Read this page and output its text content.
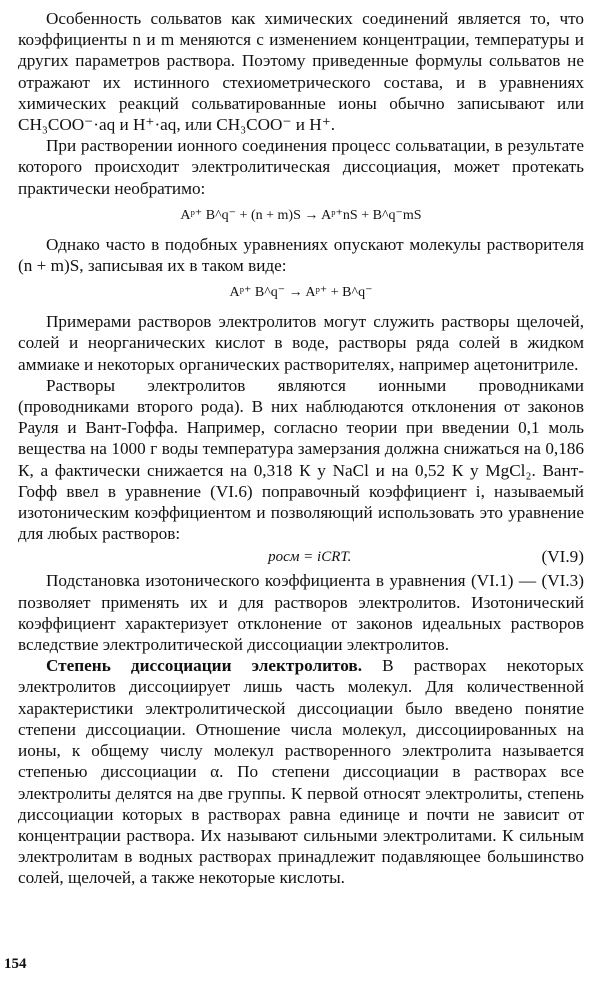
Особенность сольватов как химических соединений является то, что коэффициенты n и m меняются с изменением концентрации, температуры и других параметров раствора. Поэтому приведенные формулы сольватов не отражают их истинного стехиометрического состава, и в уравнениях химических реакций сольватированные ионы обычно записывают или CH₃COO⁻·aq и H⁺·aq, или CH₃COO⁻ и H⁺.

При растворении ионного соединения процесс сольватации, в результате которого происходит электролитическая диссоциация, может протекать практически необратимо:

Aᵖ⁺ B^q⁻ + (n + m)S → Aᵖ⁺nS + B^q⁻mS

Однако часто в подобных уравнениях опускают молекулы растворителя (n + m)S, записывая их в таком виде:

Aᵖ⁺ B^q⁻ → Aᵖ⁺ + B^q⁻

Примерами растворов электролитов могут служить растворы щелочей, солей и неорганических кислот в воде, растворы ряда солей в жидком аммиаке и некоторых органических растворителях, например ацетонитриле.

Растворы электролитов являются ионными проводниками (проводниками второго рода). В них наблюдаются отклонения от законов Рауля и Вант-Гоффа. Например, согласно теории при введении 0,1 моль вещества на 1000 г воды температура замерзания должна снижаться на 0,186 К, а фактически снижается на 0,318 К у NaCl и на 0,52 К у MgCl₂. Вант-Гофф ввел в уравнение (VI.6) поправочный коэффициент i, называемый изотоническим коэффициентом и позволяющий использовать это уравнение для любых растворов:

pосм = iCRT.	(VI.9)

Подстановка изотонического коэффициента в уравнения (VI.1) — (VI.3) позволяет применять их и для растворов электролитов. Изотонический коэффициент характеризует отклонение от законов идеальных растворов вследствие электролитической диссоциации электролитов.

Степень диссоциации электролитов. В растворах некоторых электролитов диссоциирует лишь часть молекул. Для количественной характеристики электролитической диссоциации было введено понятие степени диссоциации. Отношение числа молекул, диссоциированных на ионы, к общему числу молекул растворенного электролита называется степенью диссоциации α. По степени диссоциации в растворах все электролиты делятся на две группы. К первой относят электролиты, степень диссоциации которых в растворах равна единице и почти не зависит от концентрации раствора. Их называют сильными электролитами. К сильным электролитам в водных растворах принадлежит подавляющее большинство солей, щелочей, а также некоторые кислоты.

154
